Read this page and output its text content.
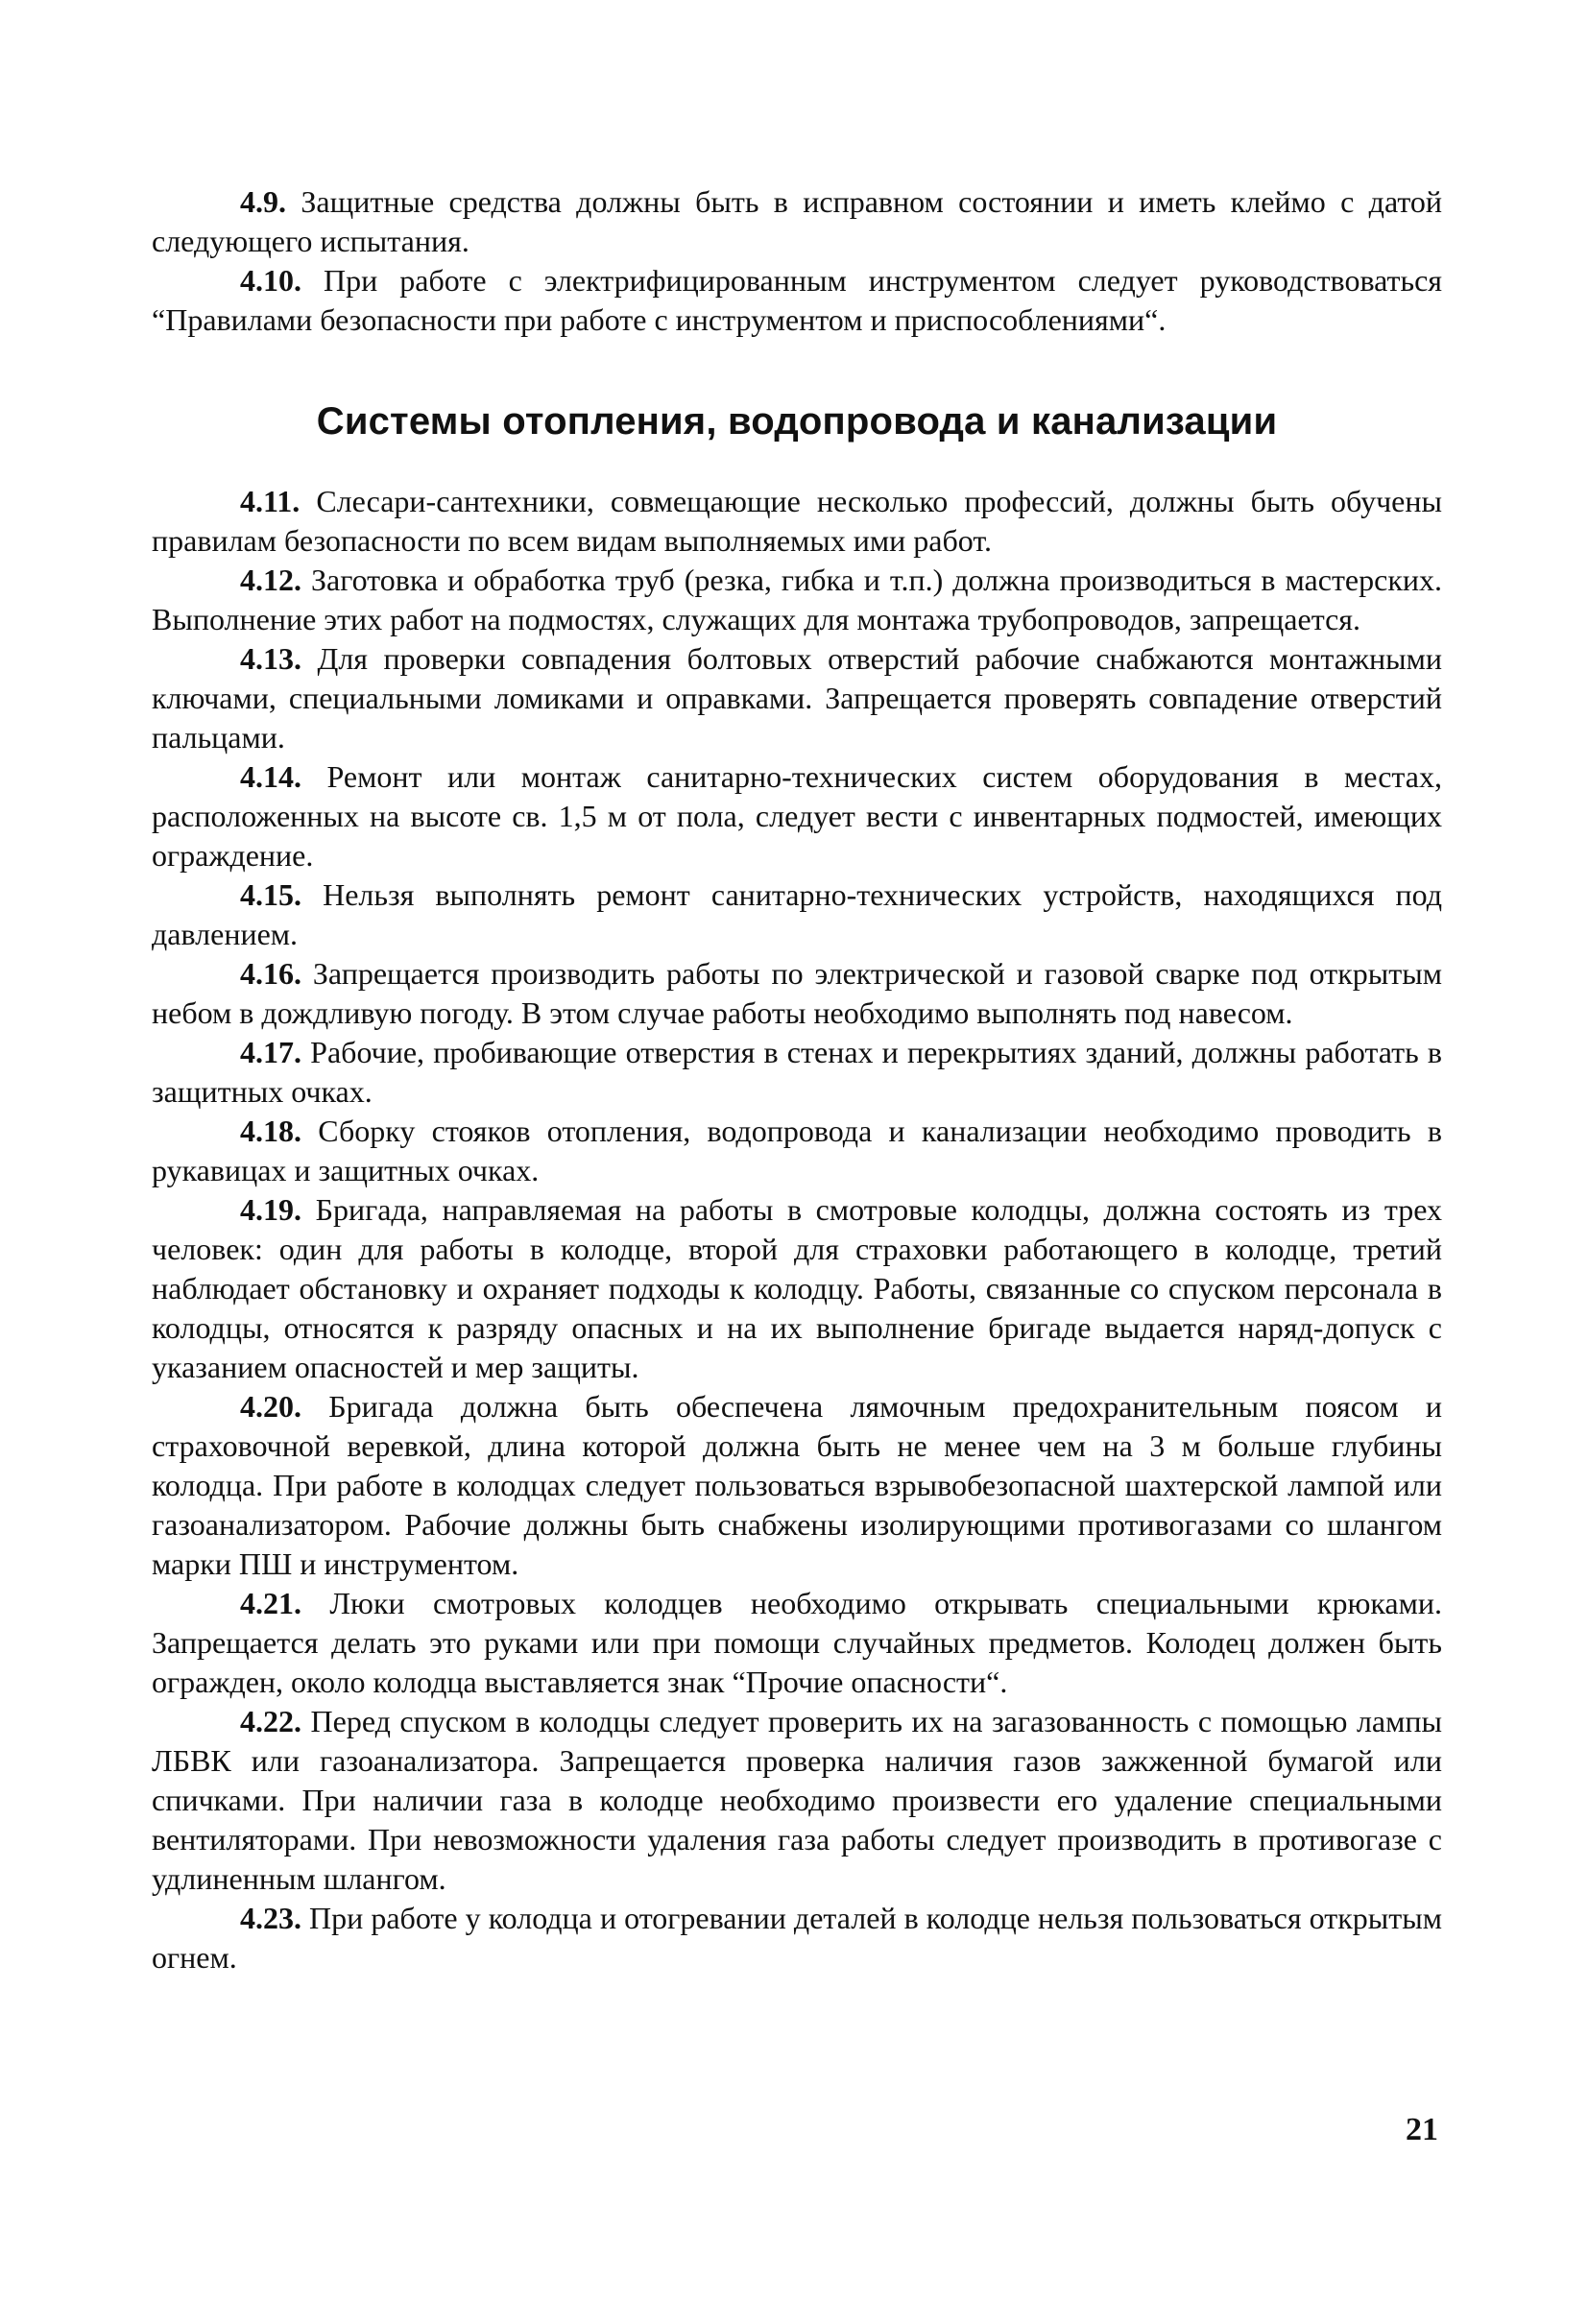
4.9. Защитные средства должны быть в исправном состоянии и иметь клеймо с датой следующего испытания.

4.10. При работе с электрифицированным инструментом следует руководствоваться “Правилами безопасности при работе с инструментом и приспособлениями“.

Системы отопления, водопровода и канализации

4.11. Слесари-сантехники, совмещающие несколько профессий, должны быть обучены правилам безопасности по всем видам выполняемых ими работ.

4.12. Заготовка и обработка труб (резка, гибка и т.п.) должна производиться в мастерских. Выполнение этих работ на подмостях, служащих для монтажа трубопроводов, запрещается.

4.13. Для проверки совпадения болтовых отверстий рабочие снабжаются монтажными ключами, специальными ломиками и оправками. Запрещается проверять совпадение отверстий пальцами.

4.14. Ремонт или монтаж санитарно-технических систем оборудования в местах, расположенных на высоте св. 1,5 м от пола, следует вести с инвентарных подмостей, имеющих ограждение.

4.15. Нельзя выполнять ремонт санитарно-технических устройств, находящихся под давлением.

4.16. Запрещается производить работы по электрической и газовой сварке под открытым небом в дождливую погоду. В этом случае работы необходимо выполнять под навесом.

4.17. Рабочие, пробивающие отверстия в стенах и перекрытиях зданий, должны работать в защитных очках.

4.18. Сборку стояков отопления, водопровода и канализации необходимо проводить в рукавицах и защитных очках.

4.19. Бригада, направляемая на работы в смотровые колодцы, должна состоять из трех человек: один для работы в колодце, второй для страховки работающего в колодце, третий наблюдает обстановку и охраняет подходы к колодцу. Работы, связанные со спуском персонала в колодцы, относятся к разряду опасных и на их выполнение бригаде выдается наряд-допуск с указанием опасностей и мер защиты.

4.20. Бригада должна быть обеспечена лямочным предохранительным поясом и страховочной веревкой, длина которой должна быть не менее чем на 3 м больше глубины колодца. При работе в колодцах следует пользоваться взрывобезопасной шахтерской лампой или газоанализатором. Рабочие должны быть снабжены изолирующими противогазами со шлангом марки ПШ и инструментом.

4.21. Люки смотровых колодцев необходимо открывать специальными крюками. Запрещается делать это руками или при помощи случайных предметов. Колодец должен быть огражден, около колодца выставляется знак “Прочие опасности“.

4.22. Перед спуском в колодцы следует проверить их на загазованность с помощью лампы ЛБВК или газоанализатора. Запрещается проверка наличия газов зажженной бумагой или спичками. При наличии газа в колодце необходимо произвести его удаление специальными вентиляторами. При невозможности удаления газа работы следует производить в противогазе с удлиненным шлангом.

4.23. При работе у колодца и отогревании деталей в колодце нельзя пользоваться открытым огнем.

21
